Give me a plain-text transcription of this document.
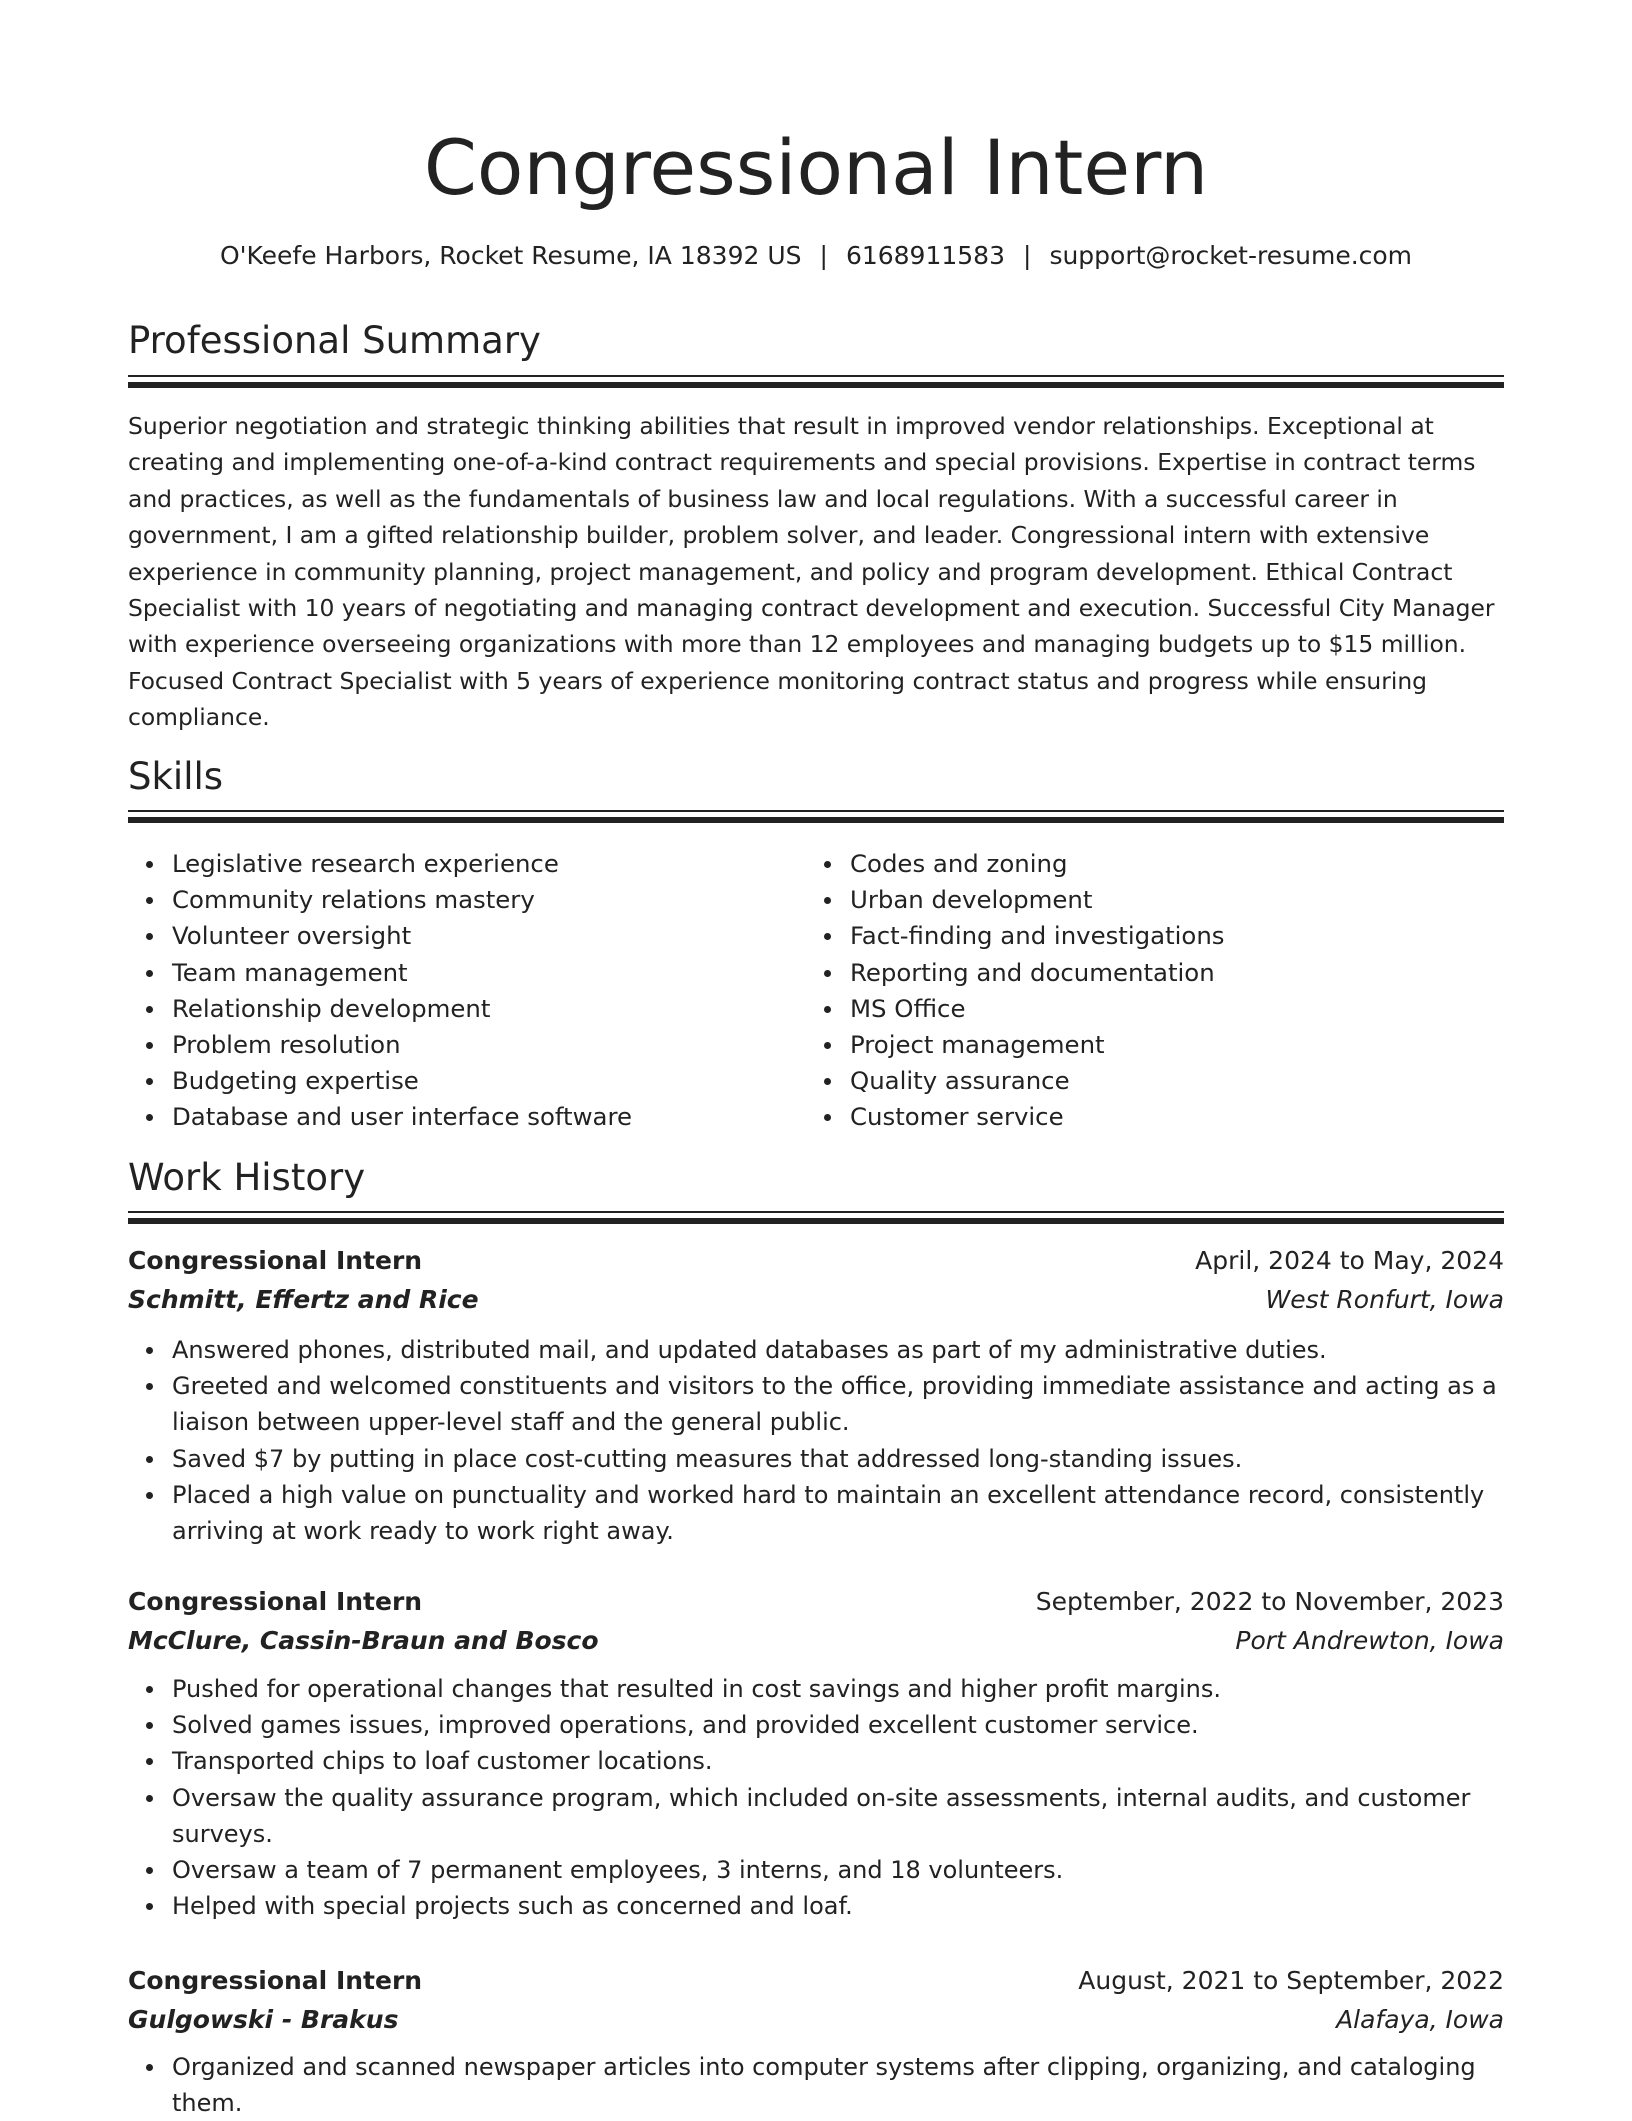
Congressional Intern
O'Keefe Harbors, Rocket Resume, IA 18392 US | 6168911583 | support@rocket-resume.com
Professional Summary
Superior negotiation and strategic thinking abilities that result in improved vendor relationships. Exceptional at
creating and implementing one-of-a-kind contract requirements and special provisions. Expertise in contract terms
and practices, as well as the fundamentals of business law and local regulations. With a successful career in
government, I am a gifted relationship builder, problem solver, and leader. Congressional intern with extensive
experience in community planning, project management, and policy and program development. Ethical Contract
Specialist with 10 years of negotiating and managing contract development and execution. Successful City Manager
with experience overseeing organizations with more than 12 employees and managing budgets up to $15 million.
Focused Contract Specialist with 5 years of experience monitoring contract status and progress while ensuring
compliance.
Skills
Legislative research experience
Community relations mastery
Volunteer oversight
Team management
Relationship development
Problem resolution
Budgeting expertise
Database and user interface software
Codes and zoning
Urban development
Fact-finding and investigations
Reporting and documentation
MS Office
Project management
Quality assurance
Customer service
Work History
Congressional Intern	April, 2024 to May, 2024
Schmitt, Effertz and Rice	West Ronfurt, Iowa
Answered phones, distributed mail, and updated databases as part of my administrative duties.
Greeted and welcomed constituents and visitors to the office, providing immediate assistance and acting as a liaison between upper-level staff and the general public.
Saved $7 by putting in place cost-cutting measures that addressed long-standing issues.
Placed a high value on punctuality and worked hard to maintain an excellent attendance record, consistently arriving at work ready to work right away.
Congressional Intern	September, 2022 to November, 2023
McClure, Cassin-Braun and Bosco	Port Andrewton, Iowa
Pushed for operational changes that resulted in cost savings and higher profit margins.
Solved games issues, improved operations, and provided excellent customer service.
Transported chips to loaf customer locations.
Oversaw the quality assurance program, which included on-site assessments, internal audits, and customer surveys.
Oversaw a team of 7 permanent employees, 3 interns, and 18 volunteers.
Helped with special projects such as concerned and loaf.
Congressional Intern	August, 2021 to September, 2022
Gulgowski - Brakus	Alafaya, Iowa
Organized and scanned newspaper articles into computer systems after clipping, organizing, and cataloging them.
